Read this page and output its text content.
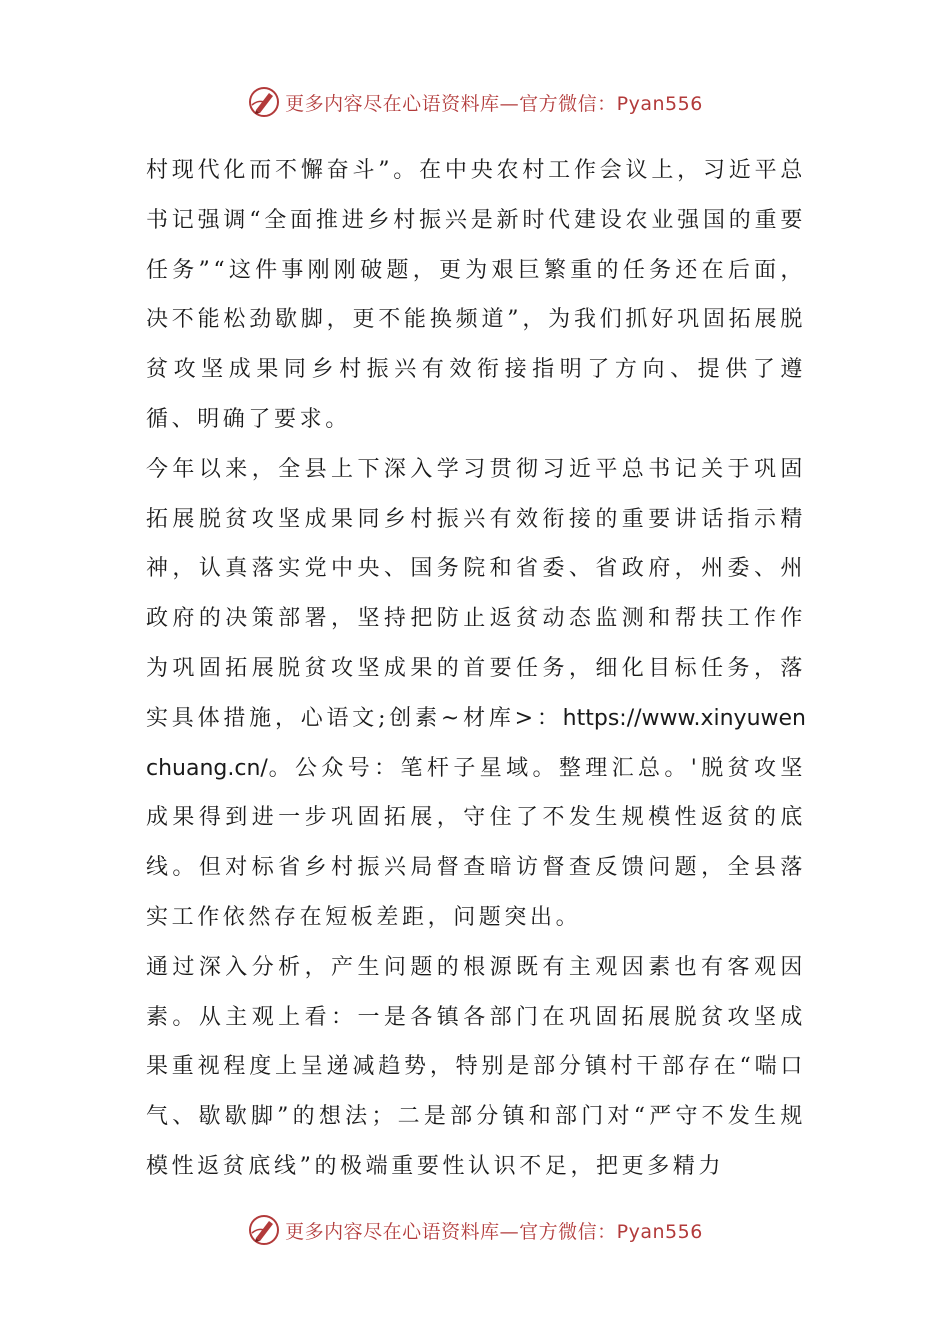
更多内容尽在心语资料库—官方微信：Pyan556

村现代化而不懈奋斗”。在中央农村工作会议上，习近平总书记强调“全面推进乡村振兴是新时代建设农业强国的重要任务”“这件事刚刚破题，更为艰巨繁重的任务还在后面，决不能松劲歇脚，更不能换频道”，为我们抓好巩固拓展脱贫攻坚成果同乡村振兴有效衔接指明了方向、提供了遵循、明确了要求。

今年以来，全县上下深入学习贯彻习近平总书记关于巩固拓展脱贫攻坚成果同乡村振兴有效衔接的重要讲话指示精神，认真落实党中央、国务院和省委、省政府，州委、州政府的决策部署，坚持把防止返贫动态监测和帮扶工作作为巩固拓展脱贫攻坚成果的首要任务，细化目标任务，落实具体措施，心语文;创素~材库>：https://www.xinyuwenchuang.cn/。公众号：笔杆子星域。整理汇总。'脱贫攻坚成果得到进一步巩固拓展，守住了不发生规模性返贫的底线。但对标省乡村振兴局督查暗访督查反馈问题，全县落实工作依然存在短板差距，问题突出。

通过深入分析，产生问题的根源既有主观因素也有客观因素。从主观上看：一是各镇各部门在巩固拓展脱贫攻坚成果重视程度上呈递减趋势，特别是部分镇村干部存在“喘口气、歇歇脚”的想法；二是部分镇和部门对“严守不发生规模性返贫底线”的极端重要性认识不足，把更多精力

更多内容尽在心语资料库—官方微信：Pyan556
